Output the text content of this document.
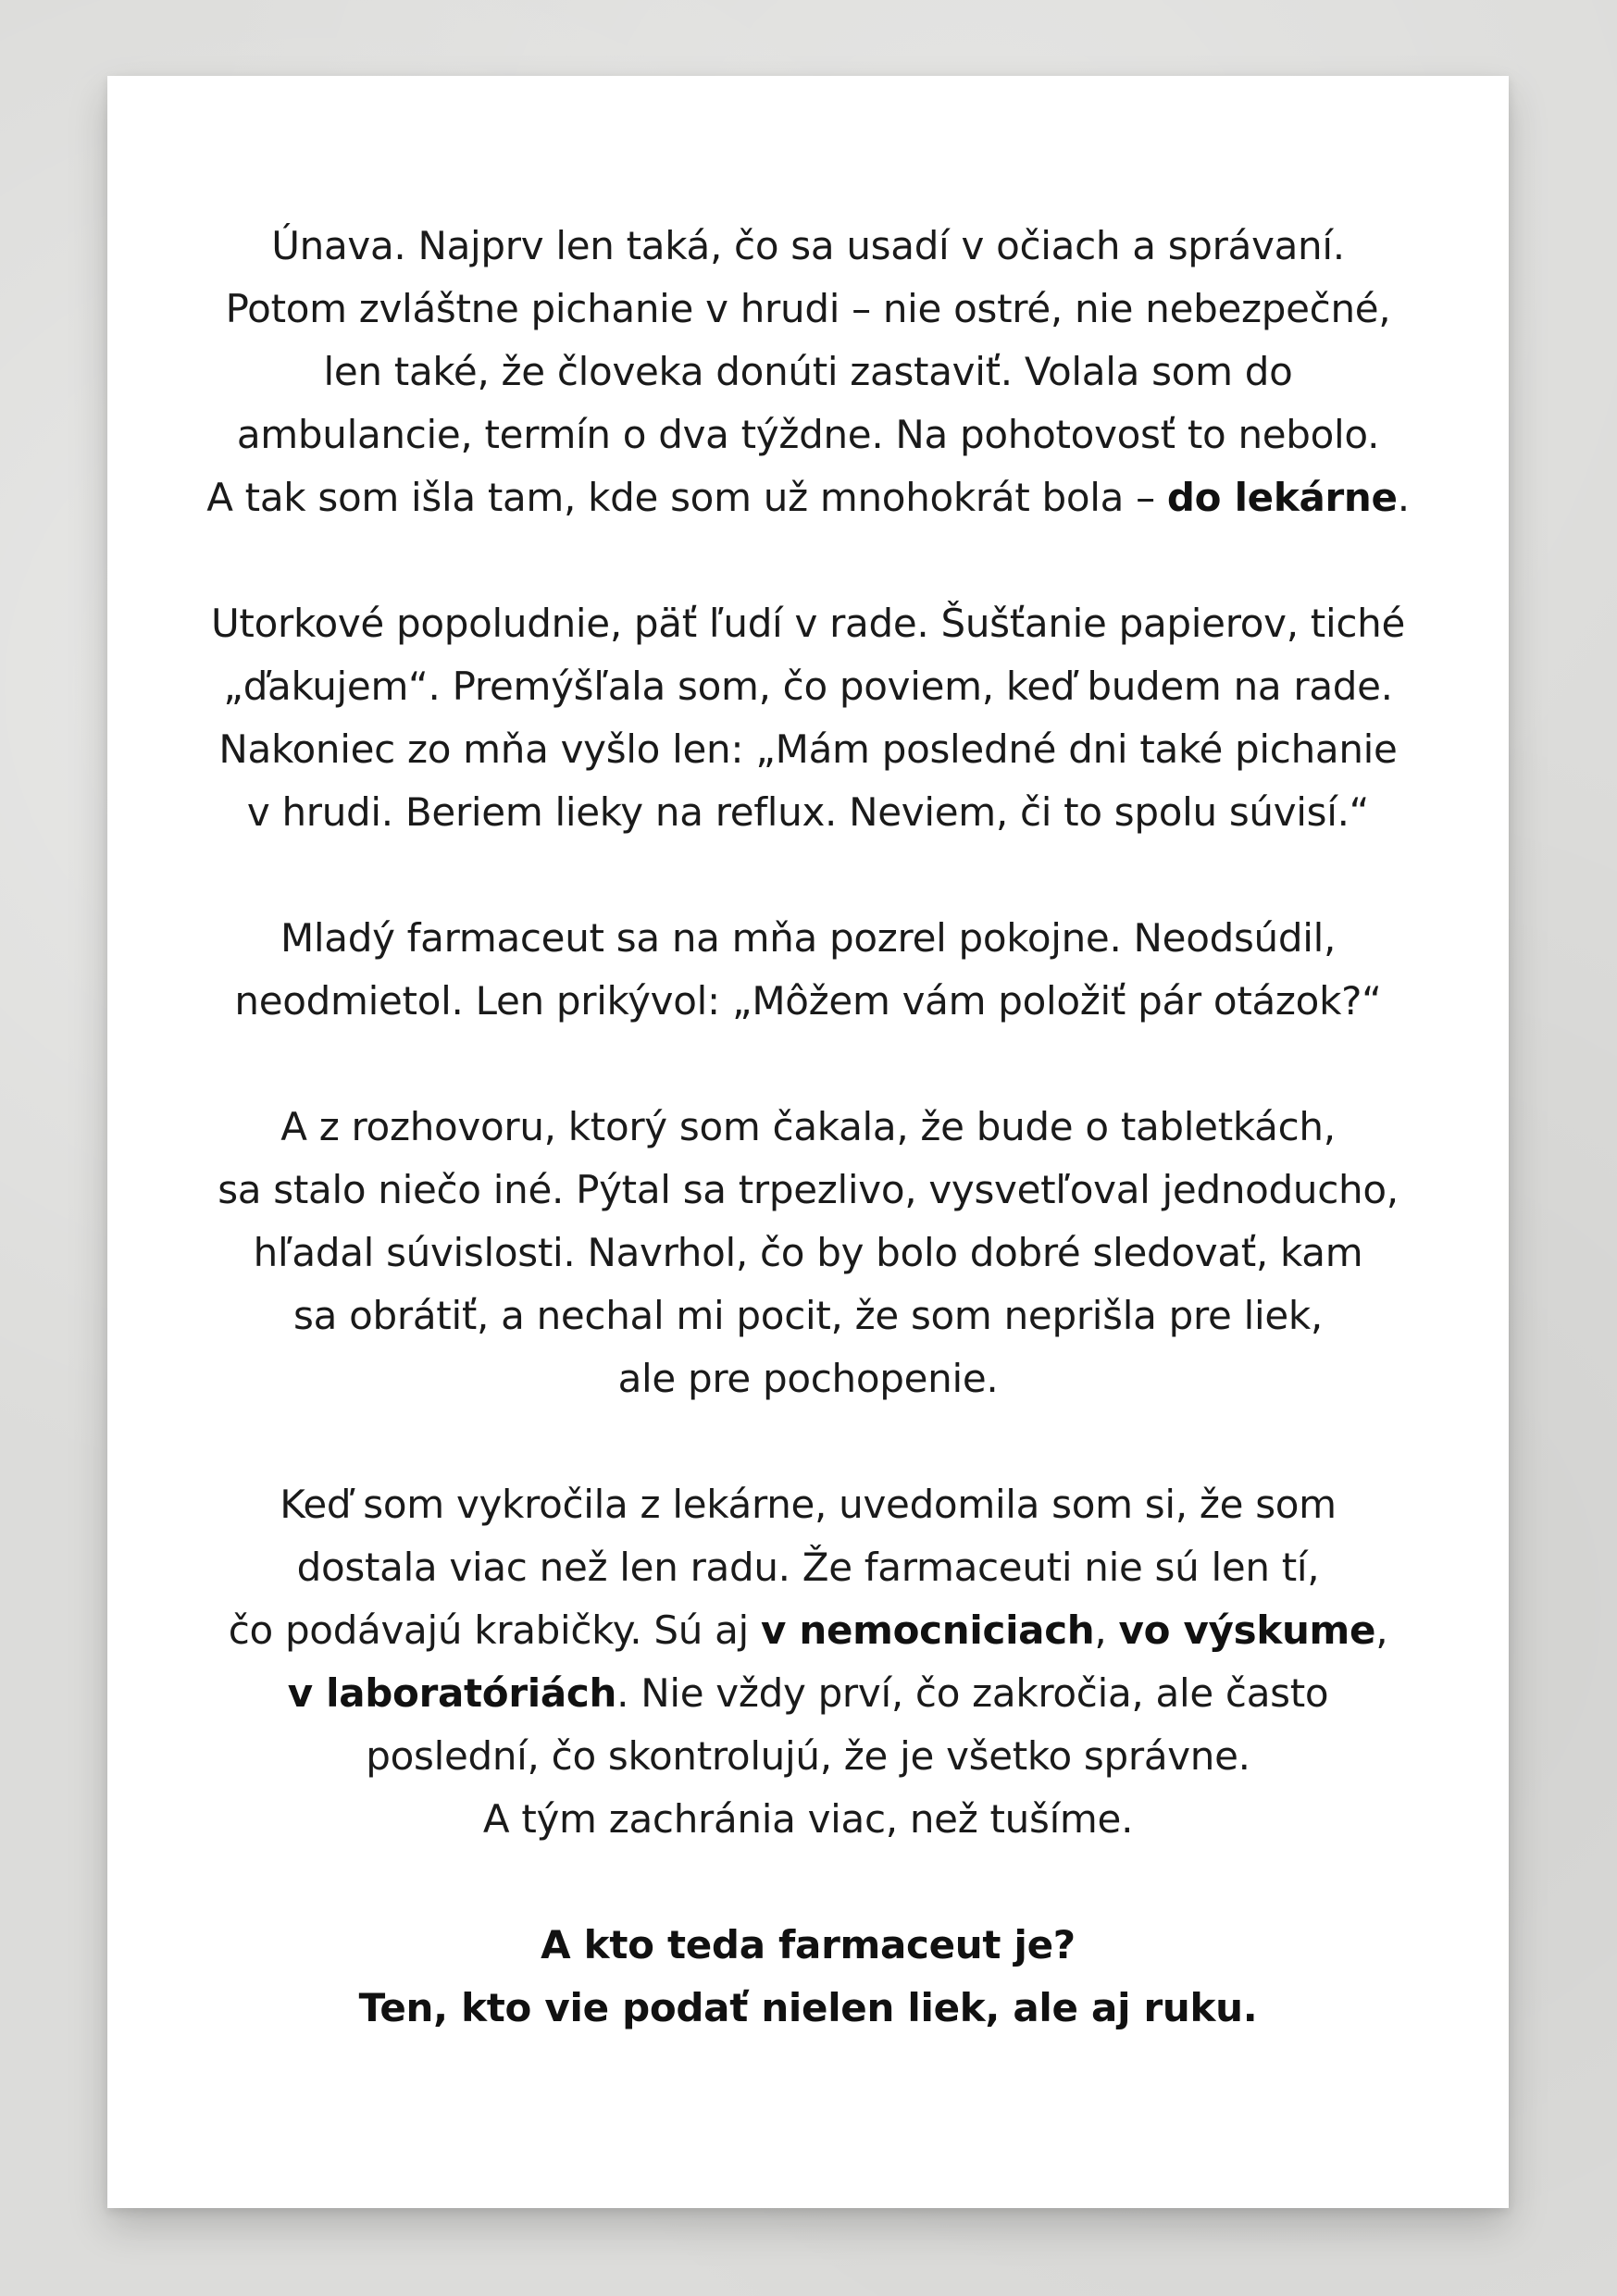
Únava. Najprv len taká, čo sa usadí v očiach a správaní.
Potom zvláštne pichanie v hrudi – nie ostré, nie nebezpečné,
len také, že človeka donúti zastaviť. Volala som do
ambulancie, termín o dva týždne. Na pohotovosť to nebolo.
A tak som išla tam, kde som už mnohokrát bola – do lekárne.

Utorkové popoludnie, päť ľudí v rade. Šušťanie papierov, tiché
„ďakujem“. Premýšľala som, čo poviem, keď budem na rade.
Nakoniec zo mňa vyšlo len: „Mám posledné dni také pichanie
v hrudi. Beriem lieky na reflux. Neviem, či to spolu súvisí.“

Mladý farmaceut sa na mňa pozrel pokojne. Neodsúdil,
neodmietol. Len prikývol: „Môžem vám položiť pár otázok?“

A z rozhovoru, ktorý som čakala, že bude o tabletkách,
sa stalo niečo iné. Pýtal sa trpezlivo, vysvetľoval jednoducho,
hľadal súvislosti. Navrhol, čo by bolo dobré sledovať, kam
sa obrátiť, a nechal mi pocit, že som neprišla pre liek,
ale pre pochopenie.

Keď som vykročila z lekárne, uvedomila som si, že som
dostala viac než len radu. Že farmaceuti nie sú len tí,
čo podávajú krabičky. Sú aj v nemocniciach, vo výskume,
v laboratóriách. Nie vždy prví, čo zakročia, ale často
poslední, čo skontrolujú, že je všetko správne.
A tým zachránia viac, než tušíme.

A kto teda farmaceut je?
Ten, kto vie podať nielen liek, ale aj ruku.
